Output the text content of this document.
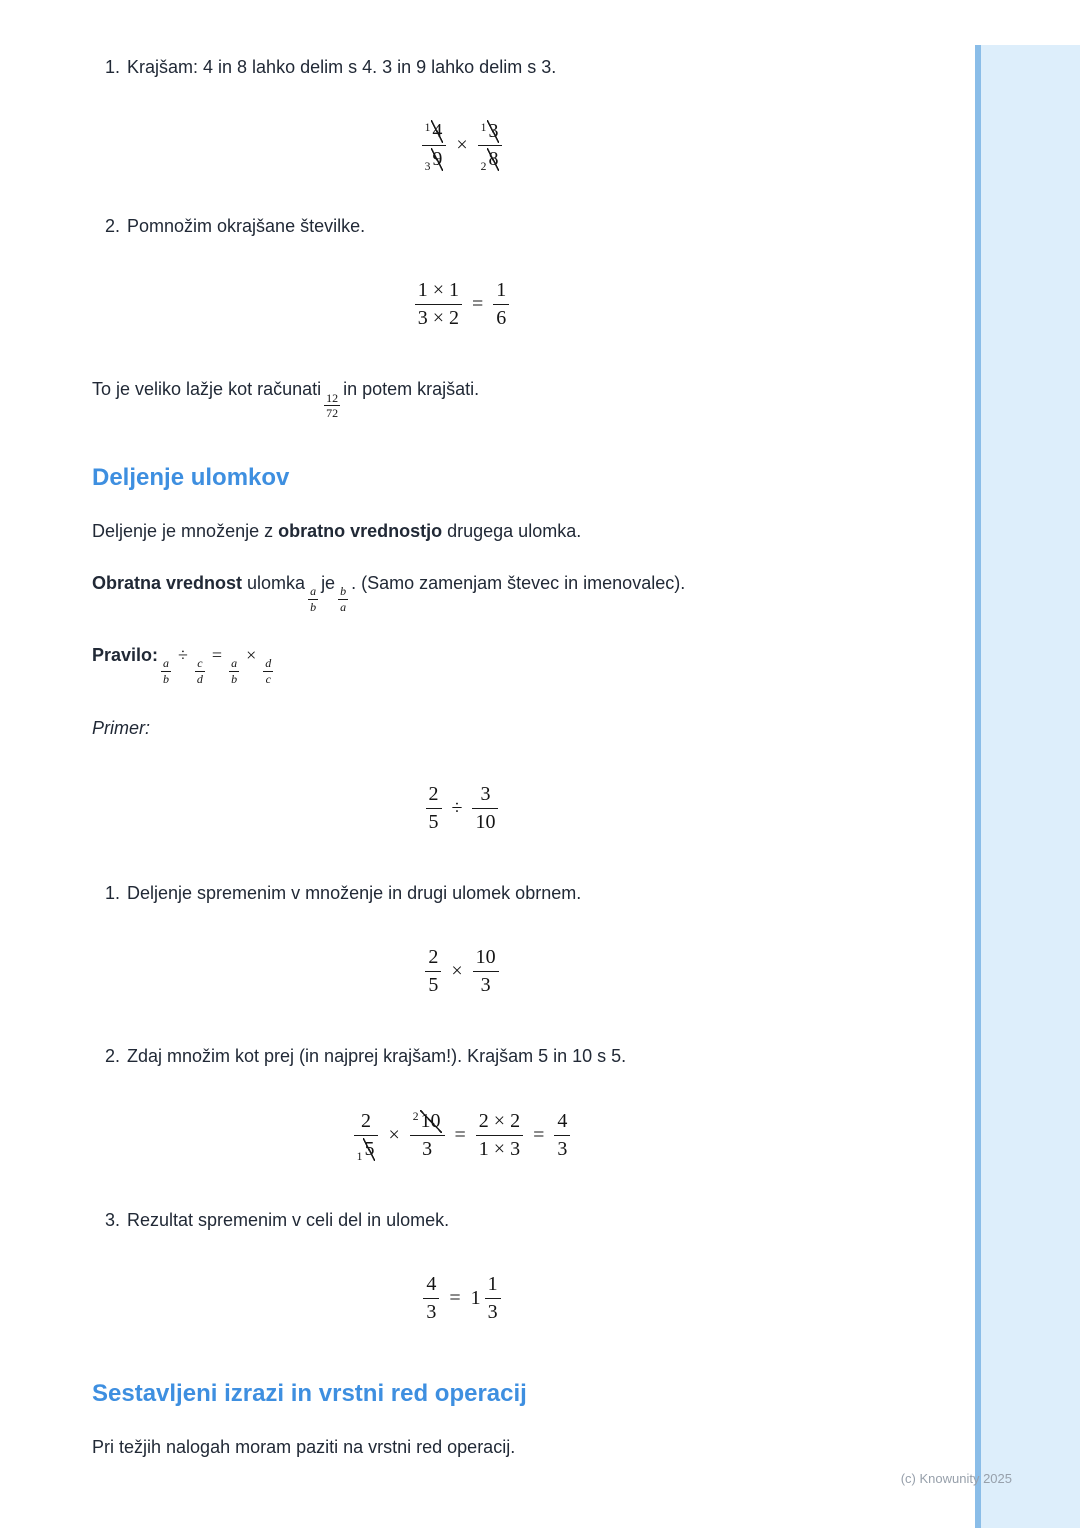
1. Krajšam: 4 in 8 lahko delim s 4. 3 in 9 lahko delim s 3.
$\frac{^1 4}{_3 9} \times \frac{^1 3}{_2 8}$
2. Pomnožim okrajšane številke.
$\frac{1 \times 1}{3 \times 2} = \frac{1}{6}$

To je veliko lažje kot računati
$\frac{12}{72}$
in potem krajšati.

Deljenje ulomkov

Deljenje je množenje z obratno vrednostjo drugega ulomka.

Obratna vrednost ulomka
$\frac{a}{b}$
je
$\frac{b}{a}$
. (Samo zamenjam števec in imenovalec).

Pravilo:
$\frac{a}{b}$
÷
$\frac{c}{d}$
=
$\frac{a}{b}$
×
$\frac{d}{c}$

Primer:

$\frac{2}{5} \div \frac{3}{10}$
1. Deljenje spremenim v množenje in drugi ulomek obrnem.
$\frac{2}{5} \times \frac{10}{3}$
2. Zdaj množim kot prej (in najprej krajšam!). Krajšam 5 in 10 s 5.
$\frac{2}{_1 5} \times \frac{^2 10}{3} = \frac{2 \times 2}{1 \times 3} = \frac{4}{3}$
3. Rezultat spremenim v celi del in ulomek.
$\frac{4}{3} = 1 \frac{1}{3}$
Sestavljeni izrazi in vrstni red operacij

Pri težjih nalogah moram paziti na vrstni red operacij.

(c) Knowunity 2025
